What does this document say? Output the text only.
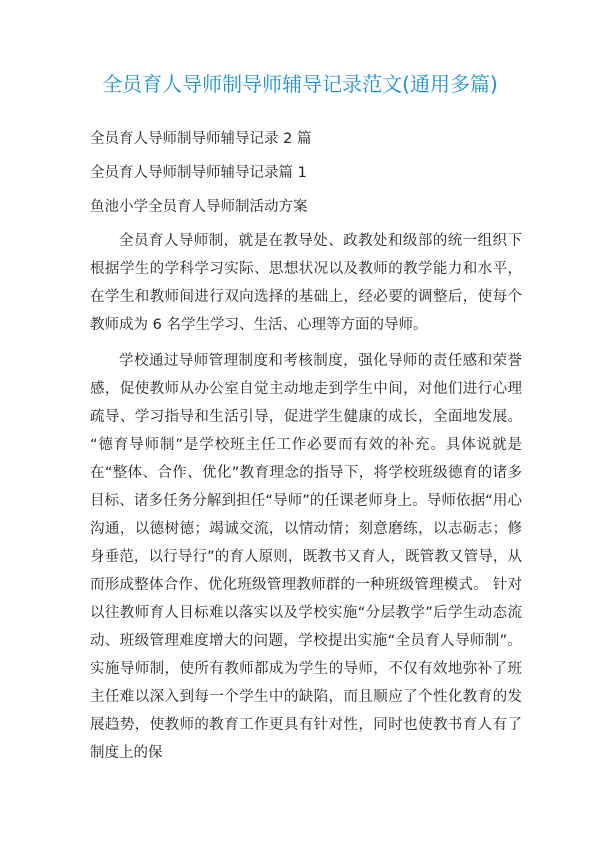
全员育人导师制导师辅导记录范文(通用多篇)

全员育人导师制导师辅导记录 2 篇

全员育人导师制导师辅导记录篇 1

鱼池小学全员育人导师制活动方案

全员育人导师制，就是在教导处、政教处和级部的统一组织下根据学生的学科学习实际、思想状况以及教师的教学能力和水平，在学生和教师间进行双向选择的基础上，经必要的调整后，使每个教师成为 6 名学生学习、生活、心理等方面的导师。

学校通过导师管理制度和考核制度，强化导师的责任感和荣誉感，促使教师从办公室自觉主动地走到学生中间，对他们进行心理疏导、学习指导和生活引导，促进学生健康的成长，全面地发展。 “德育导师制”是学校班主任工作必要而有效的补充。具体说就是在“整体、合作、优化”教育理念的指导下，将学校班级德育的诸多目标、诸多任务分解到担任“导师”的任课老师身上。导师依据“用心沟通，以德树德；竭诚交流，以情动情；刻意磨练，以志砺志；修身垂范，以行导行”的育人原则，既教书又育人，既管教又管导，从而形成整体合作、优化班级管理教师群的一种班级管理模式。 针对以往教师育人目标难以落实以及学校实施“分层教学”后学生动态流动、班级管理难度增大的问题，学校提出实施“全员育人导师制”。实施导师制，使所有教师都成为学生的导师，不仅有效地弥补了班主任难以深入到每一个学生中的缺陷，而且顺应了个性化教育的发展趋势，使教师的教育工作更具有针对性，同时也使教书育人有了制度上的保
